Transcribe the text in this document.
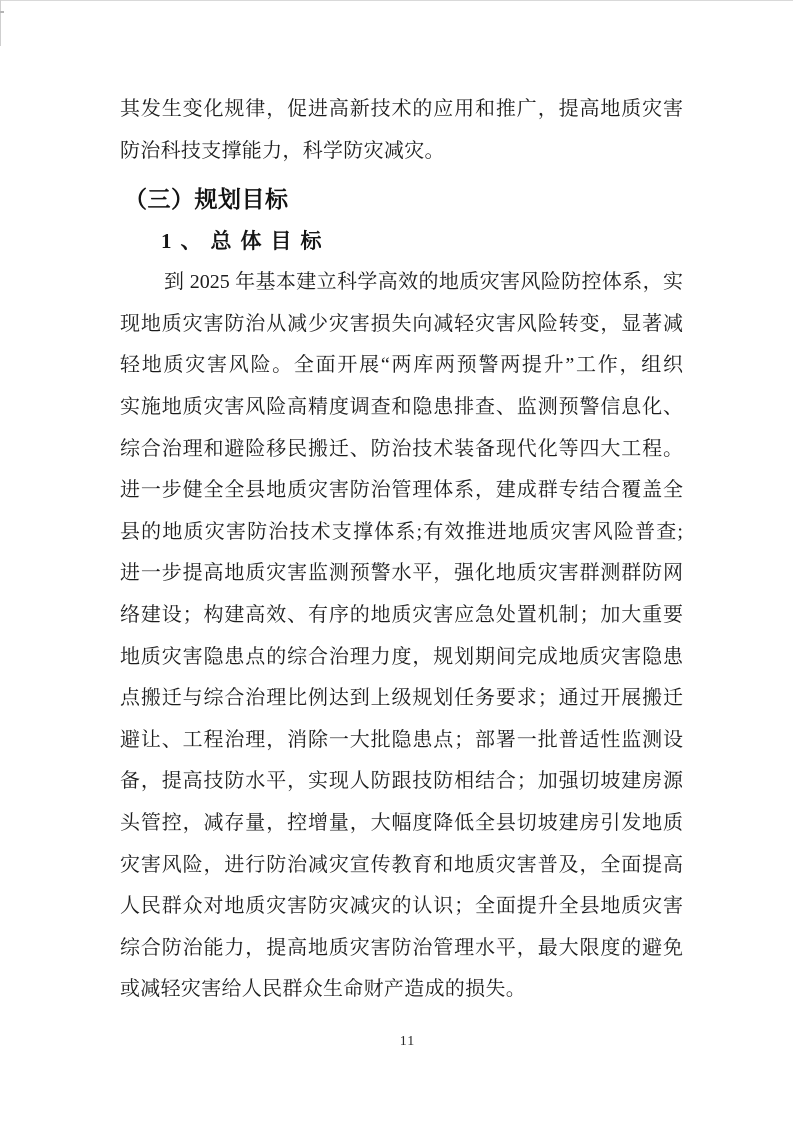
其发生变化规律，促进高新技术的应用和推广，提高地质灾害

防治科技支撑能力，科学防灾减灾。

（三）规划目标
1、总体目标

到 2025 年基本建立科学高效的地质灾害风险防控体系，实

现地质灾害防治从减少灾害损失向减轻灾害风险转变，显著减

轻地质灾害风险。全面开展“两库两预警两提升”工作，组织

实施地质灾害风险高精度调查和隐患排查、监测预警信息化、

综合治理和避险移民搬迁、防治技术装备现代化等四大工程。

进一步健全全县地质灾害防治管理体系，建成群专结合覆盖全

县的地质灾害防治技术支撑体系;有效推进地质灾害风险普查;

进一步提高地质灾害监测预警水平，强化地质灾害群测群防网

络建设；构建高效、有序的地质灾害应急处置机制；加大重要

地质灾害隐患点的综合治理力度，规划期间完成地质灾害隐患

点搬迁与综合治理比例达到上级规划任务要求；通过开展搬迁

避让、工程治理，消除一大批隐患点；部署一批普适性监测设

备，提高技防水平，实现人防跟技防相结合；加强切坡建房源

头管控，减存量，控增量，大幅度降低全县切坡建房引发地质

灾害风险，进行防治减灾宣传教育和地质灾害普及，全面提高

人民群众对地质灾害防灾减灾的认识；全面提升全县地质灾害

综合防治能力，提高地质灾害防治管理水平，最大限度的避免

或减轻灾害给人民群众生命财产造成的损失。

11
